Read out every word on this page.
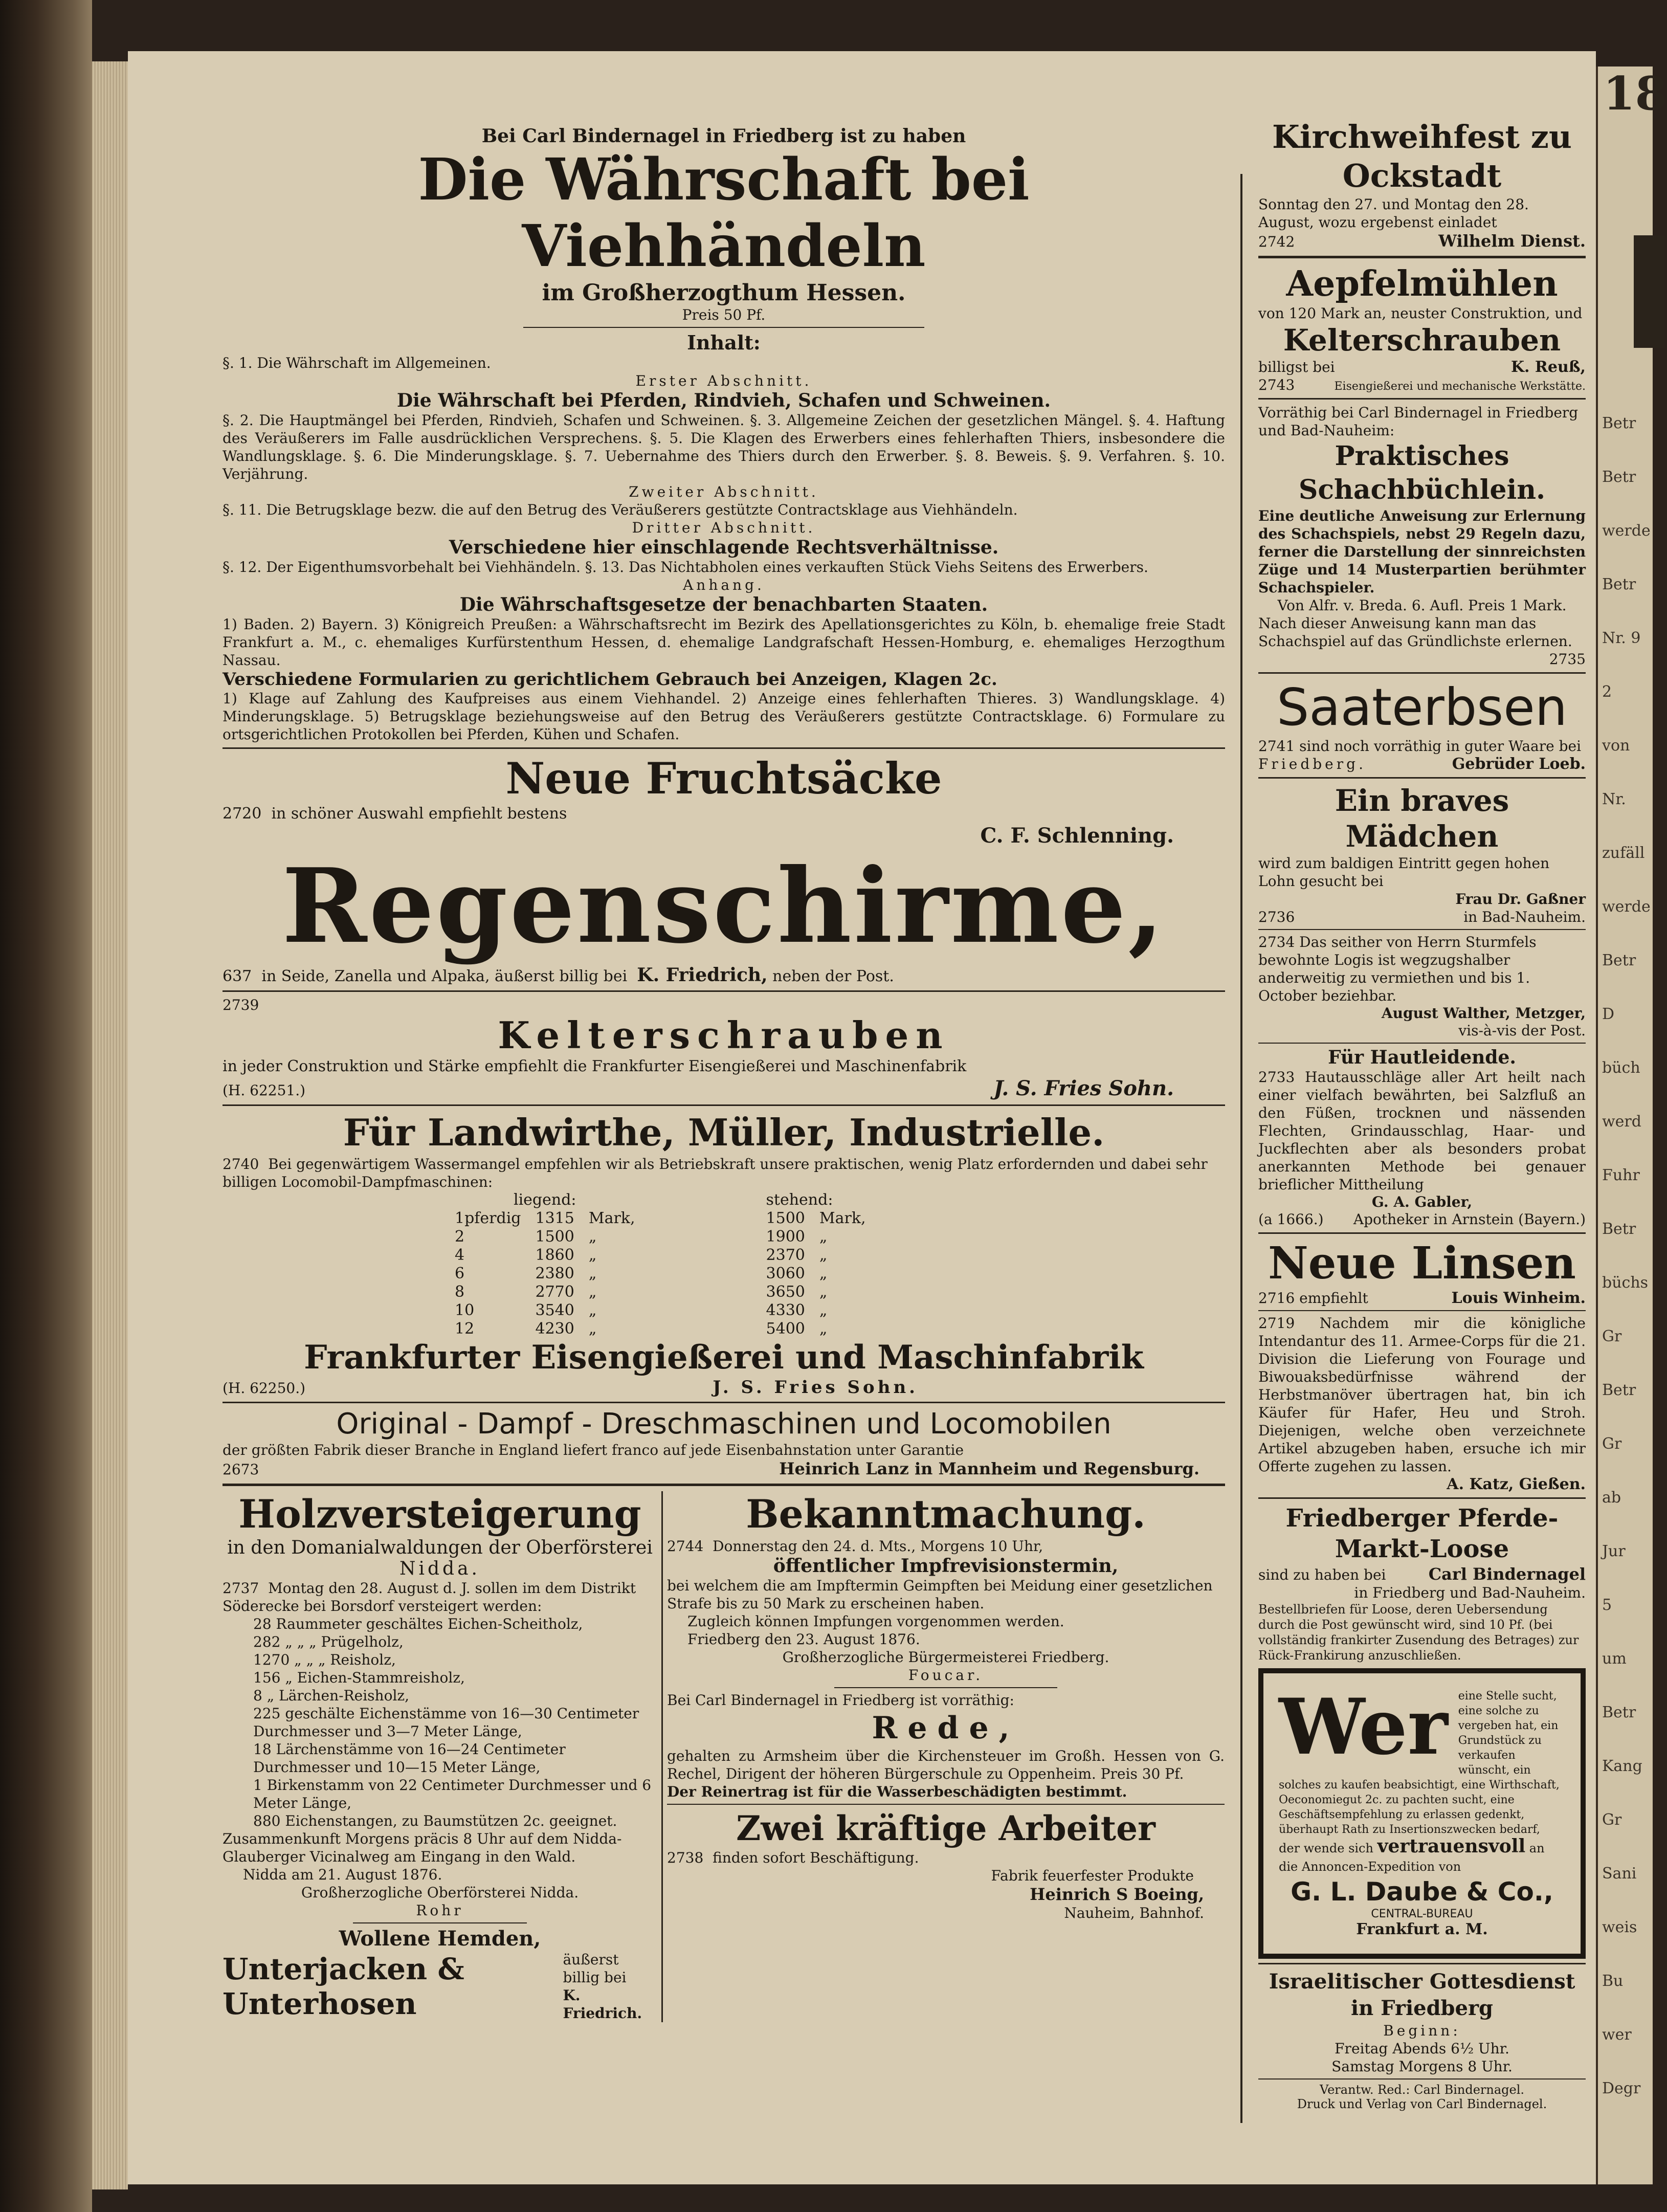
Bei Carl Bindernagel in Friedberg ist zu haben

Die Währschaft bei Viehhändeln

im Großherzogthum Hessen.

Preis 50 Pf.

Inhalt:

§. 1. Die Währschaft im Allgemeinen.

Erster Abschnitt.

Die Währschaft bei Pferden, Rindvieh, Schafen und Schweinen.

§. 2. Die Hauptmängel bei Pferden, Rindvieh, Schafen und Schweinen. §. 3. Allgemeine Zeichen der gesetzlichen Mängel. §. 4. Haftung des Veräußerers im Falle ausdrücklichen Versprechens. §. 5. Die Klagen des Erwerbers eines fehlerhaften Thiers, insbesondere die Wandlungsklage. §. 6. Die Minderungsklage. §. 7. Uebernahme des Thiers durch den Erwerber. §. 8. Beweis. §. 9. Verfahren. §. 10. Verjährung.

Zweiter Abschnitt.

§. 11. Die Betrugsklage bezw. die auf den Betrug des Veräußerers gestützte Contractsklage aus Viehhändeln.

Dritter Abschnitt.

Verschiedene hier einschlagende Rechtsverhältnisse.

§. 12. Der Eigenthumsvorbehalt bei Viehhändeln. §. 13. Das Nichtabholen eines verkauften Stück Viehs Seitens des Erwerbers.

Anhang.

Die Währschaftsgesetze der benachbarten Staaten.

1) Baden. 2) Bayern. 3) Königreich Preußen: a Währschaftsrecht im Bezirk des Apellationsgerichtes zu Köln, b. ehemalige freie Stadt Frankfurt a. M., c. ehemaliges Kurfürstenthum Hessen, d. ehemalige Landgrafschaft Hessen-Homburg, e. ehemaliges Herzogthum Nassau.

Verschiedene Formularien zu gerichtlichem Gebrauch bei Anzeigen, Klagen 2c.

1) Klage auf Zahlung des Kaufpreises aus einem Viehhandel. 2) Anzeige eines fehlerhaften Thieres. 3) Wandlungsklage. 4) Minderungsklage. 5) Betrugsklage beziehungsweise auf den Betrug des Veräußerers gestützte Contractsklage. 6) Formulare zu ortsgerichtlichen Protokollen bei Pferden, Kühen und Schafen.

Neue Fruchtsäcke

2720 in schöner Auswahl empfiehlt bestens

C. F. Schlenning.

Regenschirme,

637 in Seide, Zanella und Alpaka, äußerst billig bei K. Friedrich, neben der Post.

2739

Kelterschrauben

in jeder Construktion und Stärke empfiehlt die Frankfurter Eisengießerei und Maschinenfabrik

(H. 62251.)	J. S. Fries Sohn.

Für Landwirthe, Müller, Industrielle.

2740 Bei gegenwärtigem Wassermangel empfehlen wir als Betriebskraft unsere praktischen, wenig Platz erfordernden und dabei sehr billigen Locomobil-Dampfmaschinen:

liegend:				stehend:	
1pferdig	1315	Mark,		1500	Mark,
2	1500	„		1900	„
4	1860	„		2370	„
6	2380	„		3060	„
8	2770	„		3650	„
10	3540	„		4330	„
12	4230	„		5400	„

Frankfurter Eisengießerei und Maschinfabrik

(H. 62250.)	J. S. Fries Sohn.

Original - Dampf - Dreschmaschinen und Locomobilen

der größten Fabrik dieser Branche in England liefert franco auf jede Eisenbahnstation unter Garantie

2673	Heinrich Lanz in Mannheim und Regensburg.

Holzversteigerung

in den Domanialwaldungen der Oberförsterei

Nidda.

2737 Montag den 28. August d. J. sollen im dem Distrikt Söderecke bei Borsdorf versteigert werden:

28 Raummeter geschältes Eichen-Scheitholz,

282 „ „ „ Prügelholz,

1270 „ „ „ Reisholz,

156 „ Eichen-Stammreisholz,

8 „ Lärchen-Reisholz,

225 geschälte Eichenstämme von 16—30 Centimeter Durchmesser und 3—7 Meter Länge,

18 Lärchenstämme von 16—24 Centimeter Durchmesser und 10—15 Meter Länge,

1 Birkenstamm von 22 Centimeter Durchmesser und 6 Meter Länge,

880 Eichenstangen, zu Baumstützen 2c. geeignet.

Zusammenkunft Morgens präcis 8 Uhr auf dem Nidda-Glauberger Vicinalweg am Eingang in den Wald.

Nidda am 21. August 1876.

Großherzogliche Oberförsterei Nidda.

Rohr

Wollene Hemden,

Unterjacken & Unterhosen
äußerst billig bei
K. Friedrich.

Bekanntmachung.

2744 Donnerstag den 24. d. Mts., Morgens 10 Uhr,

öffentlicher Impfrevisionstermin,

bei welchem die am Impftermin Geimpften bei Meidung einer gesetzlichen Strafe bis zu 50 Mark zu erscheinen haben.

Zugleich können Impfungen vorgenommen werden.

Friedberg den 23. August 1876.

Großherzogliche Bürgermeisterei Friedberg.

Foucar.

Bei Carl Bindernagel in Friedberg ist vorräthig:

Rede,

gehalten zu Armsheim über die Kirchensteuer im Großh. Hessen von G. Rechel, Dirigent der höheren Bürgerschule zu Oppenheim. Preis 30 Pf.

Der Reinertrag ist für die Wasserbeschädigten bestimmt.

Zwei kräftige Arbeiter

2738 finden sofort Beschäftigung.

Fabrik feuerfester Produkte

Heinrich S Boeing,

Nauheim, Bahnhof.

Kirchweihfest zu Ockstadt

Sonntag den 27. und Montag den 28. August, wozu ergebenst einladet

2742	Wilhelm Dienst.

Aepfelmühlen

von 120 Mark an, neuster Construktion, und

Kelterschrauben

billigst bei	K. Reuß,
2743	Eisengießerei und mechanische Werkstätte.

Vorräthig bei Carl Bindernagel in Friedberg und Bad-Nauheim:

Praktisches Schachbüchlein.

Eine deutliche Anweisung zur Erlernung des Schachspiels, nebst 29 Regeln dazu, ferner die Darstellung der sinnreichsten Züge und 14 Musterpartien berühmter Schachspieler.

Von Alfr. v. Breda. 6. Aufl. Preis 1 Mark.

Nach dieser Anweisung kann man das Schachspiel auf das Gründlichste erlernen.

2735

Saaterbsen

2741 sind noch vorräthig in guter Waare bei

Friedberg.	Gebrüder Loeb.

Ein braves Mädchen

wird zum baldigen Eintritt gegen hohen Lohn gesucht bei

Frau Dr. Gaßner

2736	in Bad-Nauheim.

2734 Das seither von Herrn Sturmfels bewohnte Logis ist wegzugshalber anderweitig zu vermiethen und bis 1. October beziehbar.

August Walther, Metzger,

vis-à-vis der Post.

Für Hautleidende.

2733 Hautausschläge aller Art heilt nach einer vielfach bewährten, bei Salzfluß an den Füßen, trocknen und nässenden Flechten, Grindausschlag, Haar- und Juckflechten aber als besonders probat anerkannten Methode bei genauer brieflicher Mittheilung

G. A. Gabler,

(a 1666.) Apotheker in Arnstein (Bayern.)

Neue Linsen

2716 empfiehlt	Louis Winheim.

2719 Nachdem mir die königliche Intendantur des 11. Armee-Corps für die 21. Division die Lieferung von Fourage und Biwouaksbedürfnisse während der Herbstmanöver übertragen hat, bin ich Käufer für Hafer, Heu und Stroh. Diejenigen, welche oben verzeichnete Artikel abzugeben haben, ersuche ich mir Offerte zugehen zu lassen.

A. Katz, Gießen.

Friedberger Pferde-Markt-Loose

sind zu haben bei	Carl Bindernagel

in Friedberg und Bad-Nauheim.

Bestellbriefen für Loose, deren Uebersendung durch die Post gewünscht wird, sind 10 Pf. (bei vollständig frankirter Zusendung des Betrages) zur Rück-Frankirung anzuschließen.

Wer eine Stelle sucht, eine solche zu vergeben hat, ein Grundstück zu verkaufen wünscht, ein solches zu kaufen beabsichtigt, eine Wirthschaft, Oeconomiegut 2c. zu pachten sucht, eine Geschäftsempfehlung zu erlassen gedenkt, überhaupt Rath zu Insertionszwecken bedarf,

der wende sich vertrauensvoll an die Annoncen-Expedition von

G. L. Daube & Co.,

CENTRAL-BUREAU

Frankfurt a. M.

Israelitischer Gottesdienst in Friedberg

Beginn:

Freitag Abends 6½ Uhr.

Samstag Morgens 8 Uhr.

Verantw. Red.: Carl Bindernagel.

Druck und Verlag von Carl Bindernagel.

18
Betr
Betr
werde
Betr
Nr. 9
2
von
Nr.
zufäll
werde
Betr
D
büch
werd
Fuhr
Betr
büchs
Gr
Betr
Gr
ab
Jur
5
um
Betr
Kang
Gr
Sani
weis
Bu
wer
Degr
